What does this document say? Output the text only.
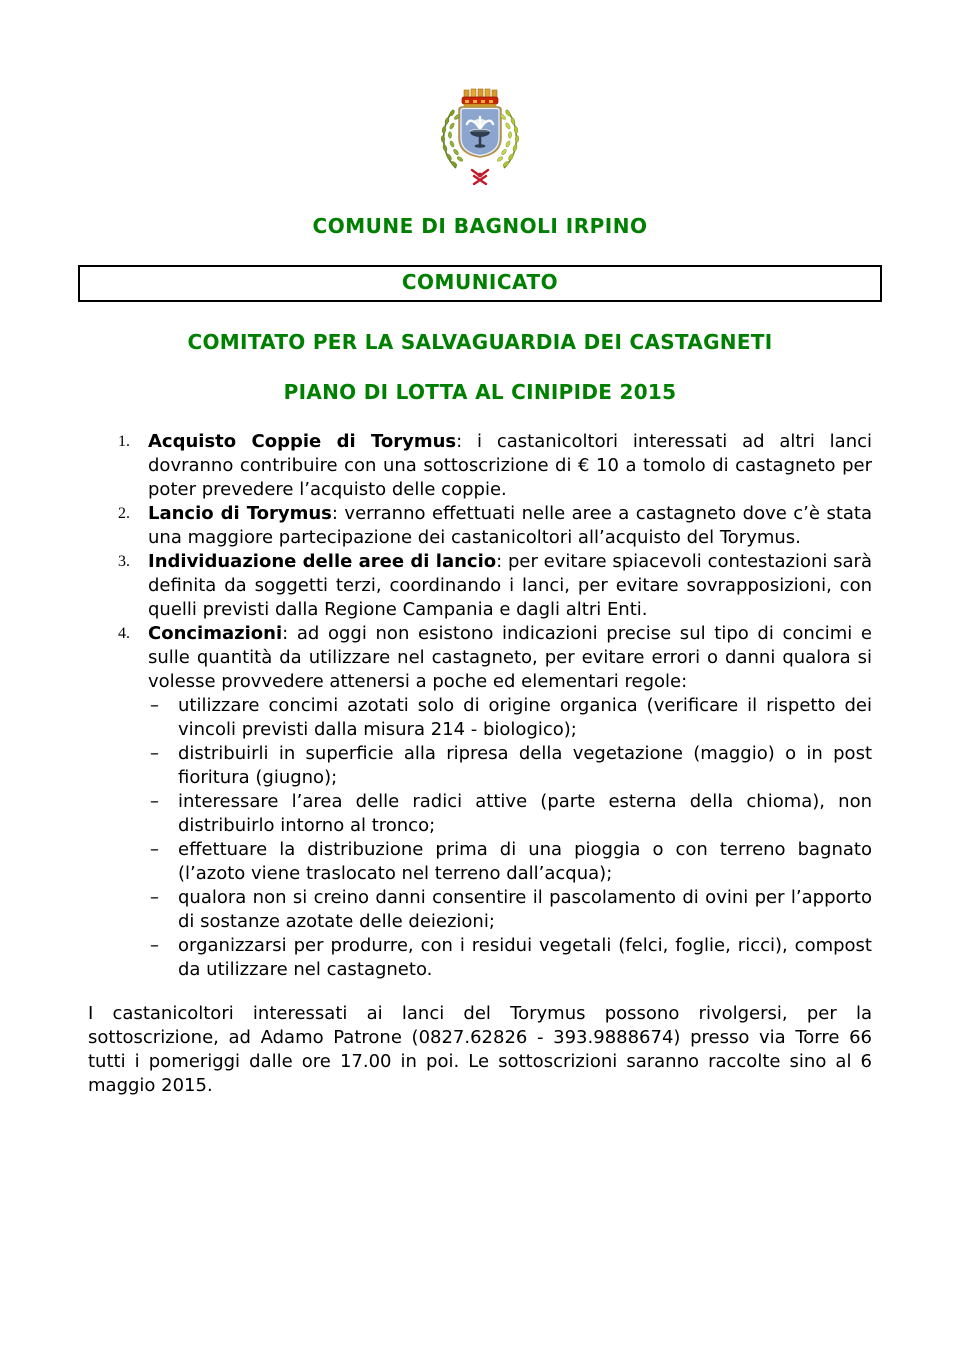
COMUNE DI BAGNOLI IRPINO
COMUNICATO
COMITATO PER LA SALVAGUARDIA DEI CASTAGNETI
PIANO DI LOTTA AL CINIPIDE 2015
1.	Acquisto Coppie di Torymus: i castanicoltori interessati ad altri lanci dovranno contribuire con una sottoscrizione di € 10 a tomolo di castagneto per poter prevedere l’acquisto delle coppie.
2.	Lancio di Torymus: verranno effettuati nelle aree a castagneto dove c’è stata una maggiore partecipazione dei castanicoltori all’acquisto del Torymus.
3.	Individuazione delle aree di lancio: per evitare spiacevoli contestazioni sarà definita da soggetti terzi, coordinando i lanci, per evitare sovrapposizioni, con quelli previsti dalla Regione Campania e dagli altri Enti.
4.	Concimazioni: ad oggi non esistono indicazioni precise sul tipo di concimi e sulle quantità da utilizzare nel castagneto, per evitare errori o danni qualora si volesse provvedere attenersi a poche ed elementari regole:
–	utilizzare concimi azotati solo di origine organica (verificare il rispetto dei vincoli previsti dalla misura 214 - biologico);
–	distribuirli in superficie alla ripresa della vegetazione (maggio) o in post fioritura (giugno);
–	interessare l’area delle radici attive (parte esterna della chioma), non distribuirlo intorno al tronco;
–	effettuare la distribuzione prima di una pioggia o con terreno bagnato (l’azoto viene traslocato nel terreno dall’acqua);
–	qualora non si creino danni consentire il pascolamento di ovini per l’apporto di sostanze azotate delle deiezioni;
–	organizzarsi per produrre, con i residui vegetali (felci, foglie, ricci), compost da utilizzare nel castagneto.
I castanicoltori interessati ai lanci del Torymus possono rivolgersi, per la sottoscrizione, ad Adamo Patrone (0827.62826 - 393.9888674) presso via Torre 66 tutti i pomeriggi dalle ore 17.00 in poi. Le sottoscrizioni saranno raccolte sino al 6 maggio 2015.
